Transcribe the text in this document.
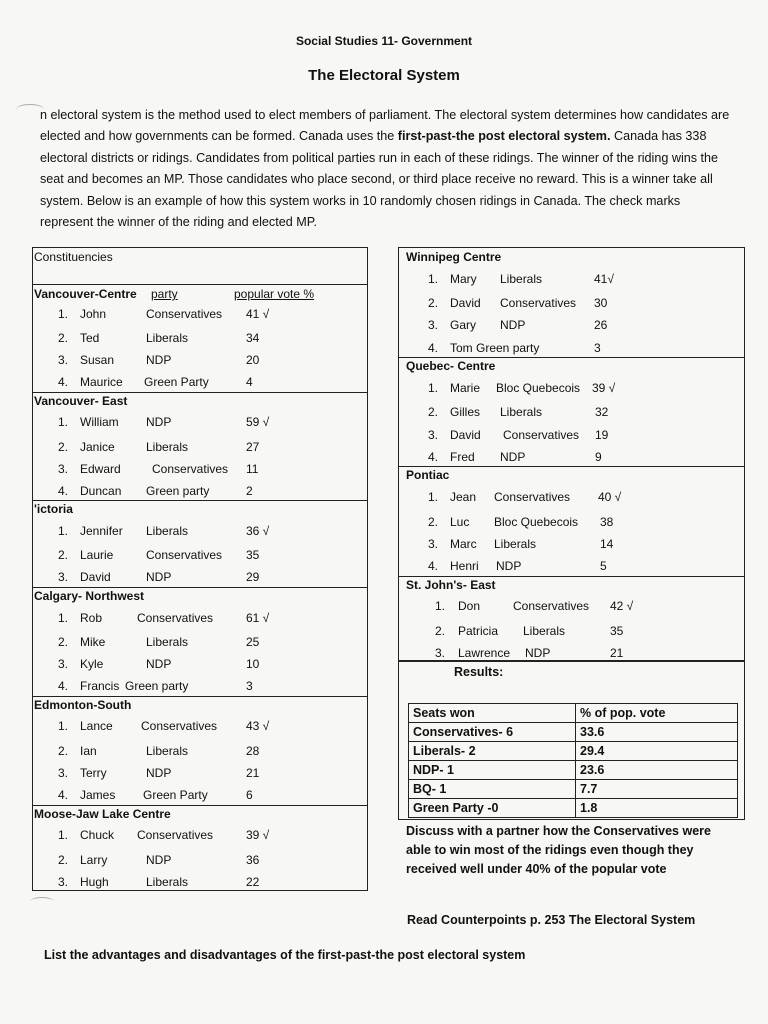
Social Studies 11- Government
The Electoral System
n electoral system is the method used to elect members of parliament. The electoral system determines how candidates are elected and how governments can be formed. Canada uses the first-past-the post electoral system. Canada has 338 electoral districts or ridings. Candidates from political parties run in each of these ridings. The winner of the riding wins the seat and becomes an MP. Those candidates who place second, or third place receive no reward. This is a winner take all system. Below is an example of how this system works in 10 randomly chosen ridings in Canada. The check marks represent the winner of the riding and elected MP.
Constituencies
party	popular vote %
Vancouver-Centre
1. John	Conservatives 41 √
2. Ted	Liberals	34
3. Susan	NDP	20
4. Maurice Green Party	4
Vancouver- East
1. William NDP	59 √
2. Janice	Liberals	27
3. Edward	Conservatives 11
4. Duncan Green party	2
'ictoria
1. Jennifer Liberals	36 √
2. Laurie	Conservatives 35
3. David	NDP	29
Calgary- Northwest
1. Rob	Conservatives	61 √
2. Mike	Liberals	25
3. Kyle	NDP	10
4. Francis Green party	3
Edmonton-South
1. Lance Conservatives 43 √
2. Ian	Liberals	28
3. Terry	NDP	21
4. James Green Party	6
Moose-Jaw Lake Centre
1. Chuck Conservatives	39 √
2. Larry	NDP	36
3. Hugh	Liberals	22
Winnipeg Centre
1. Mary Liberals	41√
2. David Conservatives 30
3. Gary NDP	26
4. Tom Green party	3
Quebec- Centre
1. Marie Bloc Quebecois 39 √
2. Gilles Liberals	32
3. David Conservatives 19
4. Fred NDP	9
Pontiac
1. Jean Conservatives 40 √
2. Luc Bloc Quebecois 38
3. Marc Liberals	14
4. Henri NDP	5
St. John's- East
1. Don	Conservatives 42 √
2. Patricia Liberals	35
3. Lawrence NDP	21
Results:
Seats won	% of pop. vote
Conservatives- 6	33.6
Liberals- 2	29.4
NDP- 1	23.6
BQ- 1	7.7
Green Party -0	1.8
Discuss with a partner how the Conservatives were able to win most of the ridings even though they received well under 40% of the popular vote
Read Counterpoints p. 253 The Electoral System
List the advantages and disadvantages of the first-past-the post electoral system
